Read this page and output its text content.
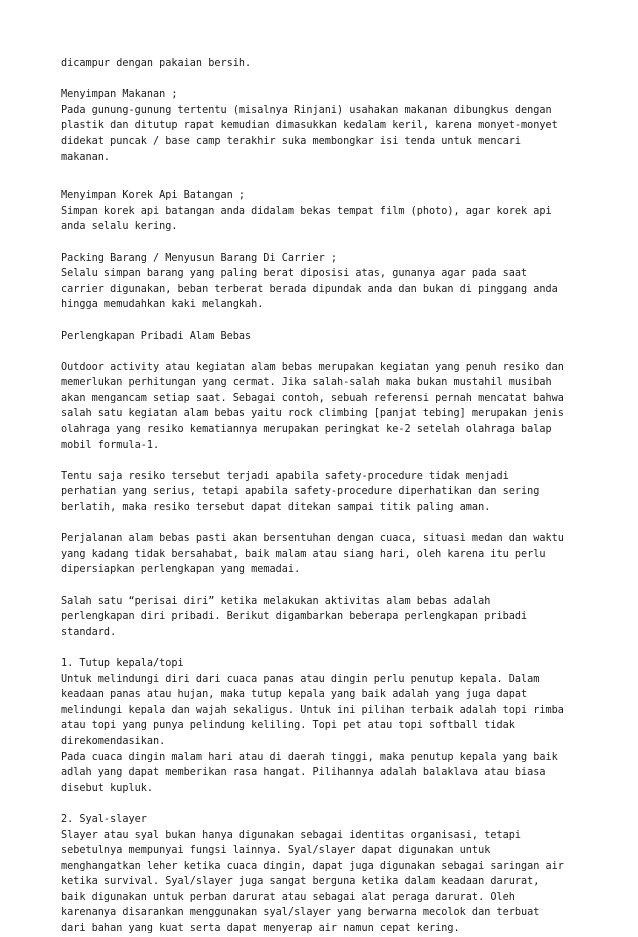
dicampur dengan pakaian bersih.
Menyimpan Makanan ;
Pada gunung-gunung tertentu (misalnya Rinjani) usahakan makanan dibungkus dengan
plastik dan ditutup rapat kemudian dimasukkan kedalam keril, karena monyet-monyet
didekat puncak / base camp terakhir suka membongkar isi tenda untuk mencari
makanan.
Menyimpan Korek Api Batangan ;
Simpan korek api batangan anda didalam bekas tempat film (photo), agar korek api
anda selalu kering.
Packing Barang / Menyusun Barang Di Carrier ;
Selalu simpan barang yang paling berat diposisi atas, gunanya agar pada saat
carrier digunakan, beban terberat berada dipundak anda dan bukan di pinggang anda
hingga memudahkan kaki melangkah.
Perlengkapan Pribadi Alam Bebas
Outdoor activity atau kegiatan alam bebas merupakan kegiatan yang penuh resiko dan
memerlukan perhitungan yang cermat. Jika salah-salah maka bukan mustahil musibah
akan mengancam setiap saat. Sebagai contoh, sebuah referensi pernah mencatat bahwa
salah satu kegiatan alam bebas yaitu rock climbing [panjat tebing] merupakan jenis
olahraga yang resiko kematiannya merupakan peringkat ke-2 setelah olahraga balap
mobil formula-1.
Tentu saja resiko tersebut terjadi apabila safety-procedure tidak menjadi
perhatian yang serius, tetapi apabila safety-procedure diperhatikan dan sering
berlatih, maka resiko tersebut dapat ditekan sampai titik paling aman.
Perjalanan alam bebas pasti akan bersentuhan dengan cuaca, situasi medan dan waktu
yang kadang tidak bersahabat, baik malam atau siang hari, oleh karena itu perlu
dipersiapkan perlengkapan yang memadai.
Salah satu “perisai diri” ketika melakukan aktivitas alam bebas adalah
perlengkapan diri pribadi. Berikut digambarkan beberapa perlengkapan pribadi
standard.
1. Tutup kepala/topi
Untuk melindungi diri dari cuaca panas atau dingin perlu penutup kepala. Dalam
keadaan panas atau hujan, maka tutup kepala yang baik adalah yang juga dapat
melindungi kepala dan wajah sekaligus. Untuk ini pilihan terbaik adalah topi rimba
atau topi yang punya pelindung keliling. Topi pet atau topi softball tidak
direkomendasikan.
Pada cuaca dingin malam hari atau di daerah tinggi, maka penutup kepala yang baik
adlah yang dapat memberikan rasa hangat. Pilihannya adalah balaklava atau biasa
disebut kupluk.
2. Syal-slayer
Slayer atau syal bukan hanya digunakan sebagai identitas organisasi, tetapi
sebetulnya mempunyai fungsi lainnya. Syal/slayer dapat digunakan untuk
menghangatkan leher ketika cuaca dingin, dapat juga digunakan sebagai saringan air
ketika survival. Syal/slayer juga sangat berguna ketika dalam keadaan darurat,
baik digunakan untuk perban darurat atau sebagai alat peraga darurat. Oleh
karenanya disarankan menggunakan syal/slayer yang berwarna mecolok dan terbuat
dari bahan yang kuat serta dapat menyerap air namun cepat kering.
